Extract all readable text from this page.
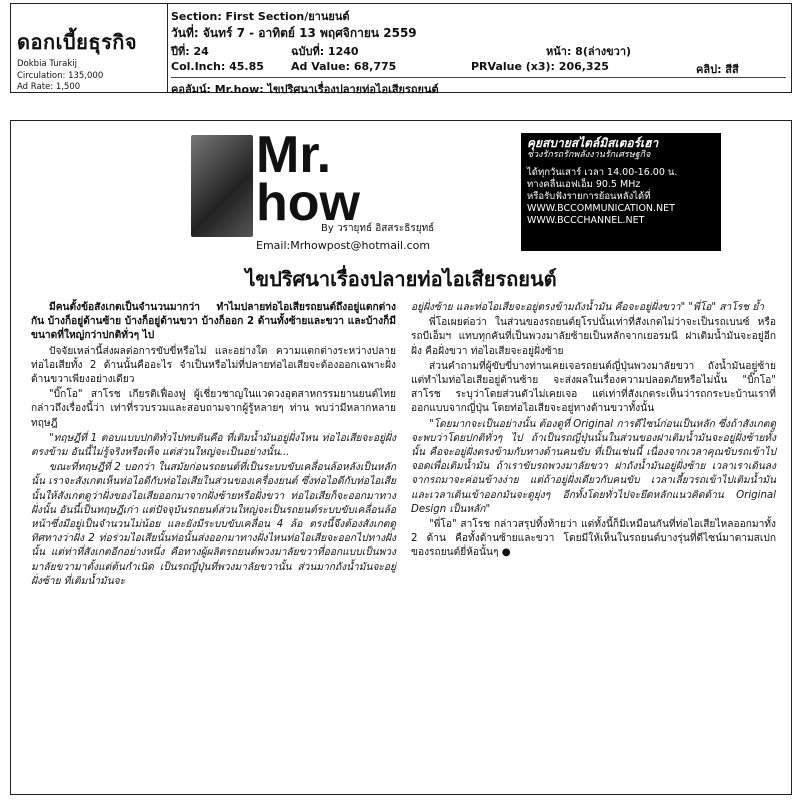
ดอกเบี้ยธุรกิจ
Dokbia Turakij
Circulation: 135,000
Ad Rate: 1,500
Section: First Section/ยานยนต์
วันที่: จันทร์ 7 - อาทิตย์ 13 พฤศจิกายน 2559
ปีที่: 24	ฉบับที่: 1240	หน้า: 8(ล่างขวา)
Col.Inch: 45.85 Ad Value: 68,775	PRValue (x3): 206,325	คลิป: สีสี
คอลัมน์: Mr.how: ไขปริศนาเรื่องปลายท่อไอเสียรถยนต์
Mr.
how
By วรายุทธ์ อิสสระธิรยุทธ์
Email:Mrhowpost@hotmail.com
คุยสบายสไตล์มิสเตอร์เฮา
ช่วงรักรถรักพลังงานรักเศรษฐกิจ
ได้ทุกวันเสาร์ เวลา 14.00-16.00 น.
ทางคลื่นเอฟเอ็ม 90.5 MHz
หรือรับฟังรายการย้อนหลังได้ที่
WWW.BCCOMMUNICATION.NET
WWW.BCCCHANNEL.NET
ไขปริศนาเรื่องปลายท่อไอเสียรถยนต์

มีคนตั้งข้อสังเกตเป็นจำนวนมากว่า ทำไมปลายท่อไอเสียรถยนต์ถึงอยู่แตกต่างกัน บ้างก็อยู่ด้านซ้าย บ้างก็อยู่ด้านขวา บ้างก็ออก 2 ด้านทั้งซ้ายและขวา และบ้างก็มีขนาดที่ใหญ่กว่าปกติทั่วๆ ไป

ปัจจัยเหล่านี้ส่งผลต่อการขับขี่หรือไม่ และอย่างใด ความแตกต่างระหว่างปลายท่อไอเสียทั้ง 2 ด้านนั้นคืออะไร จำเป็นหรือไม่ที่ปลายท่อไอเสียจะต้องออกเฉพาะฝั่งด้านขวาเพียงอย่างเดียว

"บิ๊กโอ" สาโรช เกียรติเฟื่องฟู ผู้เชี่ยวชาญในแวดวงอุตสาหกรรมยานยนต์ไทย กล่าวถึงเรื่องนี้ว่า เท่าที่รวบรวมและสอบถามจากผู้รู้หลายๆ ท่าน พบว่ามีหลากหลายทฤษฎี

"ทฤษฎีที่ 1 ตอบแบบปกติทั่วไปทบดินคือ ที่เติมน้ำมันอยู่ฝั่งไหน ท่อไอเสียจะอยู่ฝั่งตรงข้าม อันนี้ไม่รู้จริงหรือเท็จ แต่ส่วนใหญ่จะเป็นอย่างนั้น...

ขณะที่ทฤษฎีที่ 2 บอกว่า ในสมัยก่อนรถยนต์ที่เป็นระบบขับเคลื่อนล้อหลังเป็นหลักนั้น เราจะสังเกตเห็นท่อไอดีกับท่อไอเสียในส่วนของเครื่องยนต์ ซึ่งท่อไอดีกับท่อไอเสียนั้นให้สังเกตดูว่าฝั่งของไอเสียออกมาจากฝั่งซ้ายหรือฝั่งขวา ท่อไอเสียก็จะออกมาทางฝั่งนั้น อันนี้เป็นทฤษฎีเก่า แต่ปัจจุบันรถยนต์ส่วนใหญ่จะเป็นรถยนต์ระบบขับเคลื่อนล้อหน้าซึ่งมีอยู่เป็นจำนวนไม่น้อย และยังมีระบบขับเคลื่อน 4 ล้อ ตรงนี้จึงต้องสังเกตดูทิศทางว่าฝั่ง 2 ท่อร่วมไอเสียนั้นท่อนั้นส่งออกมาทางฝั่งไหนท่อไอเสียจะออกไปทางฝั่งนั้น แต่ท่าที่สังเกตอีกอย่างหนึ่ง คือทางผู้ผลิตรถยนต์พวงมาลัยขวาที่ออกแบบเป็นพวงมาลัยขวามาตั้งแต่ต้นกำเนิด เป็นรถญี่ปุ่นที่พวงมาลัยขวานั้น ส่วนมากถังน้ำมันจะอยู่ฝั่งซ้าย ที่เติมน้ำมันจะ

อยู่ฝั่งซ้าย และท่อไอเสียจะอยู่ตรงข้ามถังน้ำมัน คือจะอยู่ฝั่งขวา" "พี่โอ" สาโรช ย้ำ

พี่โอเผยต่อว่า ในส่วนของรถยนต์ยุโรปนั้นเท่าที่สังเกตไม่ว่าจะเป็นรถเบนซ์ หรือรถบีเอ็มฯ แทบทุกคันที่เป็นพวงมาลัยซ้ายเป็นหลักจากเยอรมนี ฝาเติมน้ำมันจะอยู่อีกฝั่ง คือฝั่งขวา ท่อไอเสียจะอยู่ฝั่งซ้าย

ส่วนคำถามที่ผู้ขับขี่บางท่านเคยเจอรถยนต์ญี่ปุ่นพวงมาลัยขวา ถังน้ำมันอยู่ซ้าย แต่ทำไมท่อไอเสียอยู่ด้านซ้าย จะส่งผลในเรื่องความปลอดภัยหรือไม่นั้น "บิ๊กโอ" สาโรช ระบุว่าโดยส่วนตัวไม่เคยเจอ แต่เท่าที่สังเกตระเห็นว่ารถกระบะบ้านเราที่ออกแบบจากญี่ปุ่น โดยท่อไอเสียจะอยู่ทางด้านขวาทั้งนั้น

"โดยมากจะเป็นอย่างนั้น ต้องดูที่ Original การดีไซน์ก่อนเป็นหลัก ซึ่งถ้าสังเกตดูจะพบว่าโดยปกติทั่วๆ ไป ถ้าเป็นรถญี่ปุ่นนั้นในส่วนของฝาเติมน้ำมันจะอยู่ฝั่งซ้ายทั้งนั้น คือจะอยู่ฝั่งตรงข้ามกับทางด้านคนขับ ที่เป็นเช่นนี้ เนื่องจากเวลาคุณขับรถเข้าไปจอดเพื่อเติมน้ำมัน ถ้าเราขับรถพวงมาลัยขวา ฝาถังน้ำมันอยู่ฝั่งซ้าย เวลาเราเดินลงจากรถมาจะค่อนข้างง่าย แต่ถ้าอยู่ฝั่งเดียวกับคนขับ เวลาเลี้ยวรถเข้าไปเติมน้ำมัน และเวลาเดินเข้าออกมันจะดูยุ่งๆ อีกทั้งโดยทั่วไปจะยึดหลักแนวคิดด้าน Original Design เป็นหลัก"

"พี่โอ" สาโรช กล่าวสรุปทิ้งท้ายว่า แต่ทั้งนี้ก็มีเหมือนกันที่ท่อไอเสียไหลออกมาทั้ง 2 ด้าน คือทั้งด้านซ้ายและขวา โดยมีให้เห็นในรถยนต์บางรุ่นที่ดีไซน์มาตามสเปกของรถยนต์ยี่ห้อนั้นๆ ●
